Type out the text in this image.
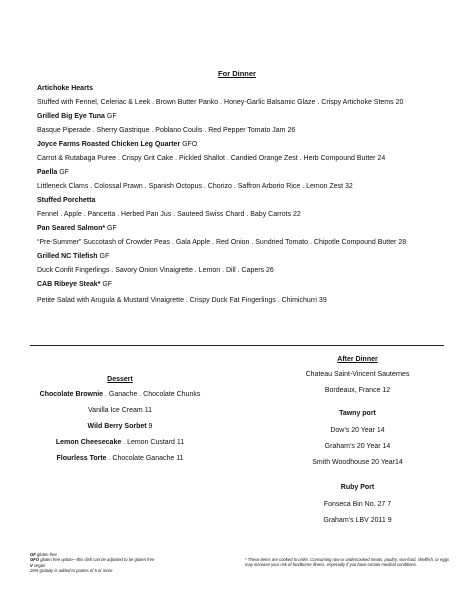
For Dinner
Artichoke Hearts
Stuffed with Fennel, Celeriac & Leek . Brown Butter Panko . Honey-Garlic Balsamic Glaze . Crispy Artichoke Stems 20
Grilled Big Eye Tuna GF
Basque Piperade . Sherry Gastrique . Poblano Coulis . Red Pepper Tomato Jam 26
Joyce Farms Roasted Chicken Leg Quarter GFO
Carrot & Rutabaga Puree . Crispy Grit Cake . Pickled Shallot . Candied Orange Zest . Herb Compound Butter 24
Paella GF
Littleneck Clams . Colossal Prawn . Spanish Octopus . Chorizo . Saffron Arborio Rice . Lemon Zest 32
Stuffed Porchetta
Fennel . Apple . Pancetta . Herbed Pan Jus . Sauteed Swiss Chard . Baby Carrots 22
Pan Seared Salmon* GF
“Pre-Summer” Succotash of Crowder Peas . Gala Apple . Red Onion . Sundried Tomato . Chipotle Compound Butter 28
Grilled NC Tilefish GF
Duck Confit Fingerlings . Savory Onion Vinaigrette . Lemon . Dill . Capers 26
CAB Ribeye Steak* GF
Petite Salad with Arugula & Mustard Vinaigrette . Crispy Duck Fat Fingerlings . Chimichurri 39
Dessert
Chocolate Brownie . Ganache . Chocolate Chunks
Vanilla Ice Cream 11
Wild Berry Sorbet 9
Lemon Cheesecake . Lemon Custard 11
Flourless Torte . Chocolate Ganache 11
After Dinner
Chateau Saint-Vincent Sauternes
Bordeaux, France 12
Tawny port
Dow’s 20 Year 14
Graham’s 20 Year 14
Smith Woodhouse 20 Year14
Ruby Port
Fonseca Bin No. 27 7
Graham’s LBV 2011 9
GF gluten free
GFO gluten free option—this dish can be adjusted to be gluten free
V vegan
20% gratuity is added to parties of 5 or more
* These items are cooked to order. Consuming raw or undercooked meats, poultry, sea-food, shellfish, or eggs may increase your risk of foodborne illness, especially if you have certain medical conditions.
